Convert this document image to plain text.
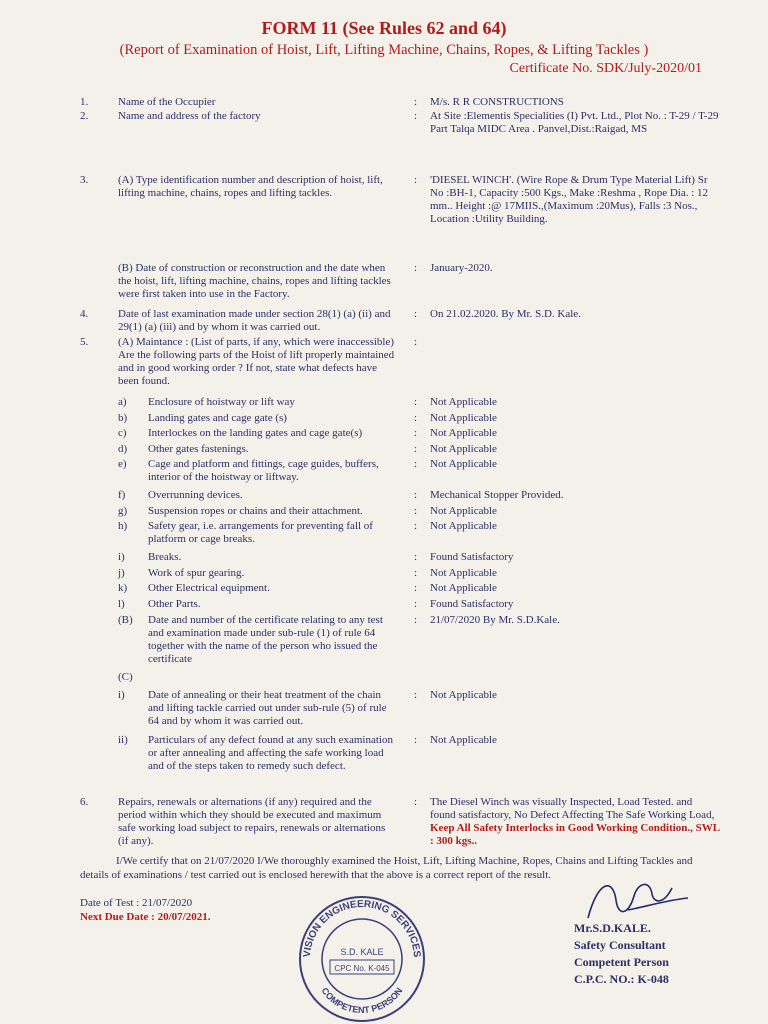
FORM 11 (See Rules 62 and 64)
(Report of Examination of Hoist, Lift, Lifting Machine, Chains, Ropes, & Lifting Tackles )
Certificate No. SDK/July-2020/01
1.	Name of the Occupier	: M/s. R R CONSTRUCTIONS
2.	Name and address of the factory	: At Site :Elementis Specialities (I) Pvt. Ltd., Plot No. : T-29 / T-29 Part Talqa MIDC Area . Panvel,Dist.:Raigad, MS
3.	(A) Type identification number and description of hoist, lift, lifting machine, chains, ropes and lifting tackles.
: 'DIESEL WINCH'. (Wire Rope & Drum Type Material Lift) Sr No :BH-1, Capacity :500 Kgs., Make :Reshma , Rope Dia. : 12 mm.. Height :@ 17MIIS.,(Maximum :20Mus), Falls :3 Nos., Location :Utility Building.
(B) Date of construction or reconstruction and the date when the hoist, lift, lifting machine, chains, ropes and lifting tackles were first taken into use in the Factory.
: January-2020.
4.	Date of last examination made under section 28(1) (a) (ii) and 29(1) (a) (iii) and by whom it was carried out.
: On 21.02.2020. By Mr. S.D. Kale.
5.	(A) Maintance : (List of parts, if any, which were inaccessible) Are the following parts of the Hoist of lift properly maintained and in good working order ? If not, state what defects have been found.
:
a)	Enclosure of hoistway or lift way	: Not Applicable
b)	Landing gates and cage gate (s)	: Not Applicable
c)	Interlockes on the landing gates and cage gate(s)	: Not Applicable
d)	Other gates fastenings.	: Not Applicable
e)	Cage and platform and fittings, cage guides, buffers, interior of the hoistway or liftway.
: Not Applicable
f)	Overrunning devices.	: Mechanical Stopper Provided.
g)	Suspension ropes or chains and their attachment.	: Not Applicable
h)	Safety gear, i.e. arrangements for preventing fall of platform or cage breaks.
: Not Applicable
i)	Breaks.	: Found Satisfactory
j)	Work of spur gearing.	: Not Applicable
k)	Other Electrical equipment.	: Not Applicable
l)	Other Parts.	: Found Satisfactory
(B)	Date and number of the certificate relating to any test and examination made under sub-rule (1) of rule 64 together with the name of the person who issued the certificate
: 21/07/2020 By Mr. S.D.Kale.
(C)
i)	Date of annealing or their heat treatment of the chain and lifting tackle carried out under sub-rule (5) of rule 64 and by whom it was carried out.
: Not Applicable
ii)	Particulars of any defect found at any such examination or after annealing and affecting the safe working load and of the steps taken to remedy such defect.
: Not Applicable
6.	Repairs, renewals or alternations (if any) required and the period within which they should be executed and maximum safe working load subject to repairs, renewals or alternations (if any).
: The Diesel Winch was visually Inspected, Load Tested. and found satisfactory, No Defect Affecting The Safe Working Load, Keep All Safety Interlocks in Good Working Condition., SWL : 300 kgs..
I/We certify that on 21/07/2020 I/We thoroughly examined the Hoist, Lift, Lifting Machine, Ropes, Chains and Lifting Tackles and details of examinations / test carried out is enclosed herewith that the above is a correct report of the result.
Date of Test : 21/07/2020
Next Due Date : 20/07/2021.
VISION ENGINEERING SERVICES
COMPETENT PERSON
S.D. KALE
CPC No. K-045
Mr.S.D.KALE.
Safety Consultant
Competent Person
C.P.C. NO.: K-048
